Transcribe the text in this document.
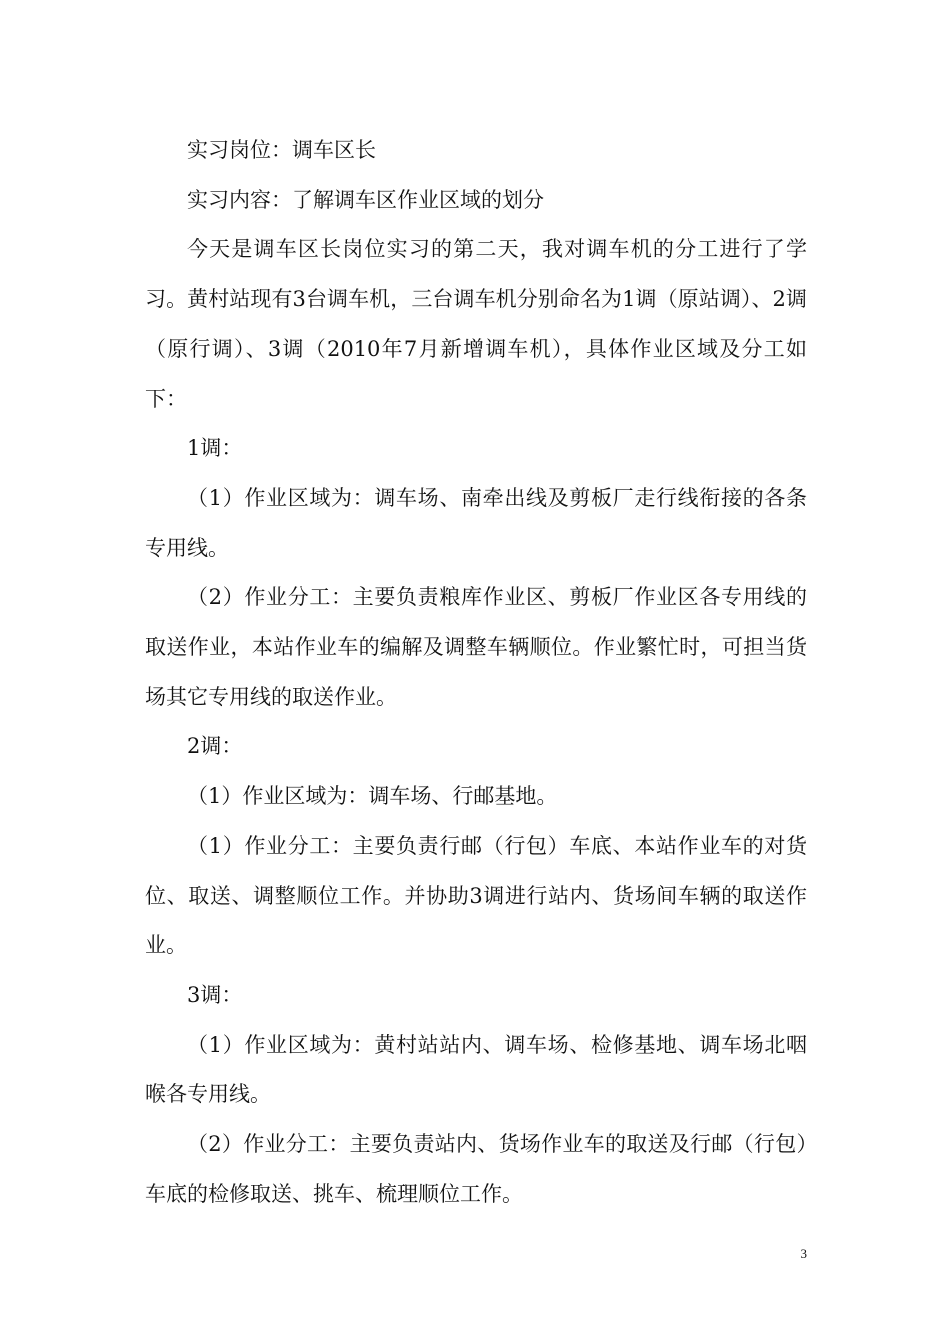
实习岗位：调车区长

实习内容：了解调车区作业区域的划分

今天是调车区长岗位实习的第二天，我对调车机的分工进行了学习。黄村站现有3台调车机，三台调车机分别命名为1调（原站调）、2调（原行调）、3调（2010年7月新增调车机），具体作业区域及分工如下：

1调：

（1）作业区域为：调车场、南牵出线及剪板厂走行线衔接的各条专用线。

（2）作业分工：主要负责粮库作业区、剪板厂作业区各专用线的取送作业，本站作业车的编解及调整车辆顺位。作业繁忙时，可担当货场其它专用线的取送作业。

2调：

（1）作业区域为：调车场、行邮基地。

（1）作业分工：主要负责行邮（行包）车底、本站作业车的对货位、取送、调整顺位工作。并协助3调进行站内、货场间车辆的取送作业。

3调：

（1）作业区域为：黄村站站内、调车场、检修基地、调车场北咽喉各专用线。

（2）作业分工：主要负责站内、货场作业车的取送及行邮（行包）车底的检修取送、挑车、梳理顺位工作。

3
